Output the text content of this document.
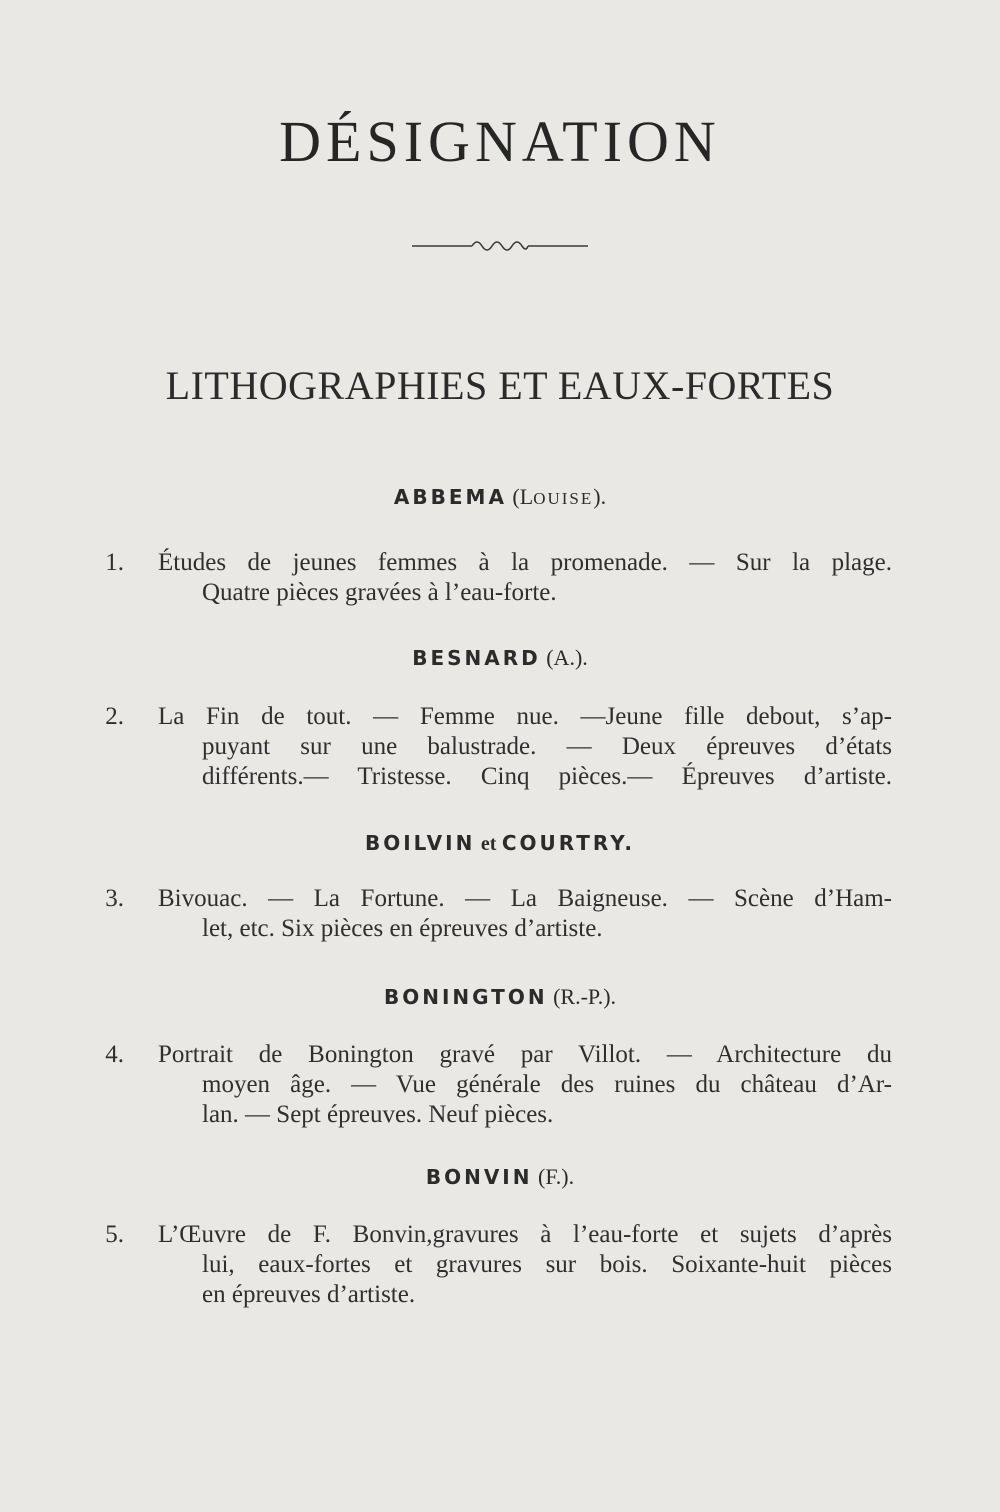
DÉSIGNATION
LITHOGRAPHIES ET EAUX-FORTES
ABBEMA (LOUISE).
1. Études de jeunes femmes à la promenade. — Sur la plage.
Quatre pièces gravées à l’eau-forte.
BESNARD (A.).
2. La Fin de tout. — Femme nue. —Jeune fille debout, s’ap-
puyant sur une balustrade. — Deux épreuves d’états
différents.— Tristesse. Cinq pièces.— Épreuves d’artiste.
BOILVIN et COURTRY.
3. Bivouac. — La Fortune. — La Baigneuse. — Scène d’Ham-
let, etc. Six pièces en épreuves d’artiste.
BONINGTON (R.-P.).
4. Portrait de Bonington gravé par Villot. — Architecture du
moyen âge. — Vue générale des ruines du château d’Ar-
lan. — Sept épreuves. Neuf pièces.
BONVIN (F.).
5. L’Œuvre de F. Bonvin,gravures à l’eau-forte et sujets d’après
lui, eaux-fortes et gravures sur bois. Soixante-huit pièces
en épreuves d’artiste.
